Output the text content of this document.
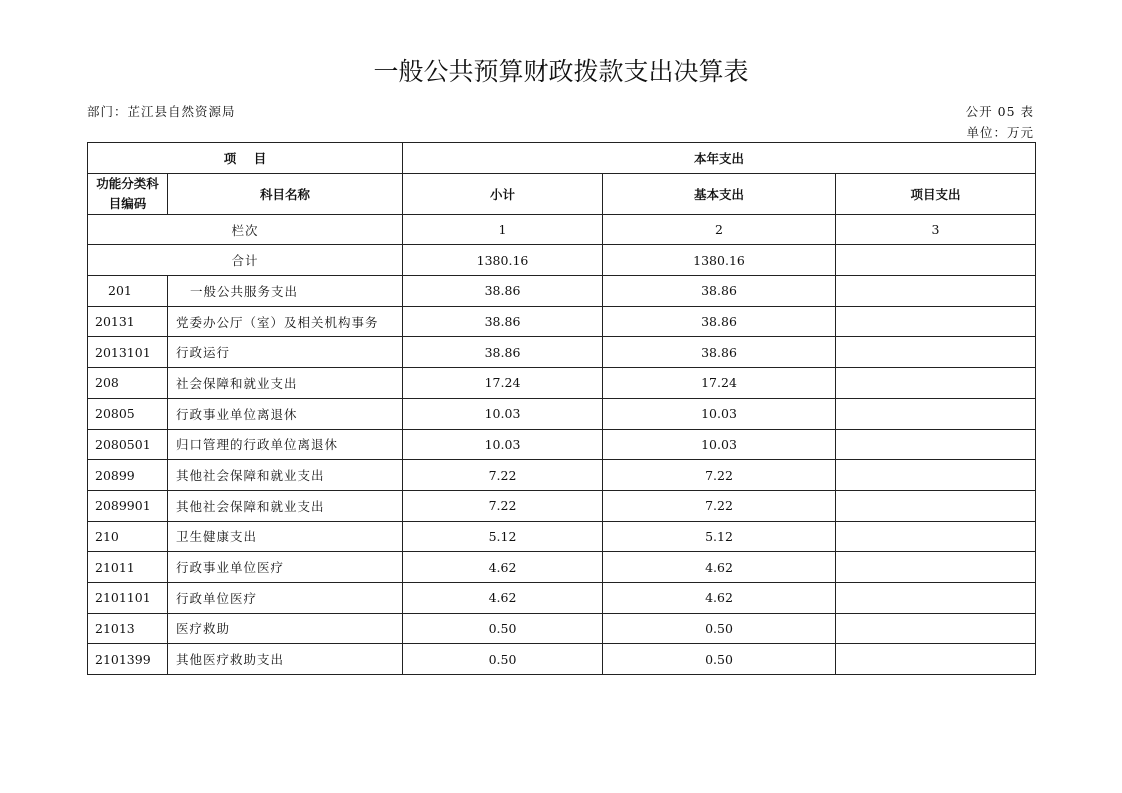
一般公共预算财政拨款支出决算表
部门：芷江县自然资源局	公开 05 表
单位：万元
项    目		本年支出		
功能分类科目编码	科目名称	小计	基本支出	项目支出
栏次		1	2	3
合计		1380.16	1380.16	
201	一般公共服务支出	38.86	38.86	
20131	党委办公厅（室）及相关机构事务	38.86	38.86	
2013101	行政运行	38.86	38.86	
208	社会保障和就业支出	17.24	17.24	
20805	行政事业单位离退休	10.03	10.03	
2080501	归口管理的行政单位离退休	10.03	10.03	
20899	其他社会保障和就业支出	7.22	7.22	
2089901	其他社会保障和就业支出	7.22	7.22	
210	卫生健康支出	5.12	5.12	
21011	行政事业单位医疗	4.62	4.62	
2101101	行政单位医疗	4.62	4.62	
21013	医疗救助	0.50	0.50	
2101399	其他医疗救助支出	0.50	0.50	
